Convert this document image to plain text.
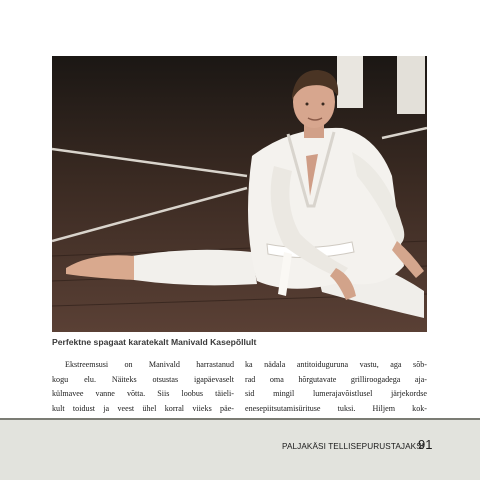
Perfektne spagaat karatekalt Manivald Kasepõllult
Ekstreemsusi on Manivald harrastanud
kogu elu. Näiteks otsustas igapäevaselt
külmavee vanne võtta. Siis loobus täieli-
kult toidust ja veest ühel korral viieks päe-
ka nädala antitoiduguruna vastu, aga sõb-
rad oma hõrgutavate grilliroogadega aja-
sid mingil lumerajavõistlusel järjekordse
enesepiitsutamisürituse tuksi. Hiljem kok-
PALJAKÄSI TELLISEPURUSTAJAKS!
91
